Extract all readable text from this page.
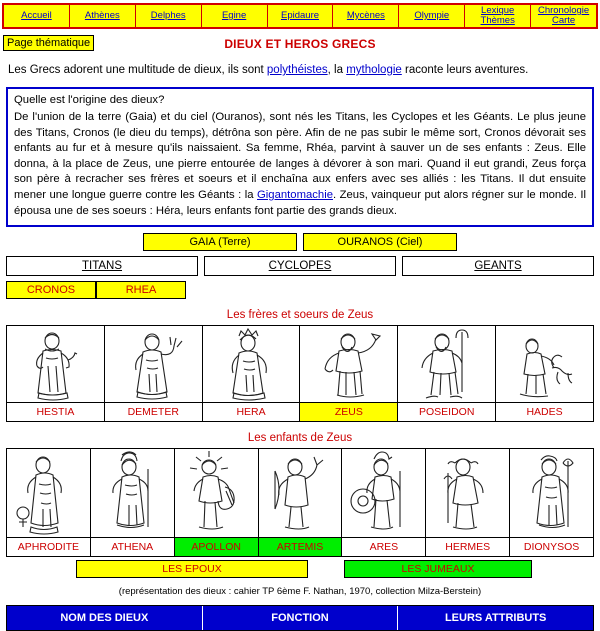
Accueil	Athènes	Delphes	Egine	Epidaure	Mycènes	Olympie	Lexique
Thèmes
Chronologie
Carte
Page thématique	DIEUX ET HEROS GRECS
Les Grecs adorent une multitude de dieux, ils sont polythéistes, la mythologie raconte leurs aventures.
Quelle est l'origine des dieux?
De l'union de la terre (Gaia) et du ciel (Ouranos), sont nés les Titans, les Cyclopes et les Géants. Le plus jeune des Titans, Cronos (le dieu du temps), détrôna son père. Afin de ne pas subir le même sort, Cronos dévorait ses enfants au fur et à mesure qu'ils naissaient. Sa femme, Rhéa, parvint à sauver un de ses enfants : Zeus. Elle donna, à la place de Zeus, une pierre entourée de langes à dévorer à son mari. Quand il eut grandi, Zeus força son père à recracher ses frères et soeurs et il enchaîna aux enfers avec ses alliés : les Titans. Il dut ensuite mener une longue guerre contre les Géants : la Gigantomachie. Zeus, vainqueur put alors régner sur le monde. Il épousa une de ses soeurs : Héra, leurs enfants font partie des grands dieux.
GAIA (Terre)	OURANOS (Ciel)
TITANS	CYCLOPES	GEANTS
CRONOS	RHEA
Les frères et soeurs de Zeus
HESTIA	DEMETER	HERA	ZEUS	POSEIDON	HADES
Les enfants de Zeus
APHRODITE	ATHENA	APOLLON	ARTEMIS	ARES	HERMES	DIONYSOS
LES EPOUX	LES JUMEAUX
(représentation des dieux : cahier TP 6ème F. Nathan, 1970, collection Milza-Berstein)
NOM DES DIEUX	FONCTION	LEURS ATTRIBUTS
